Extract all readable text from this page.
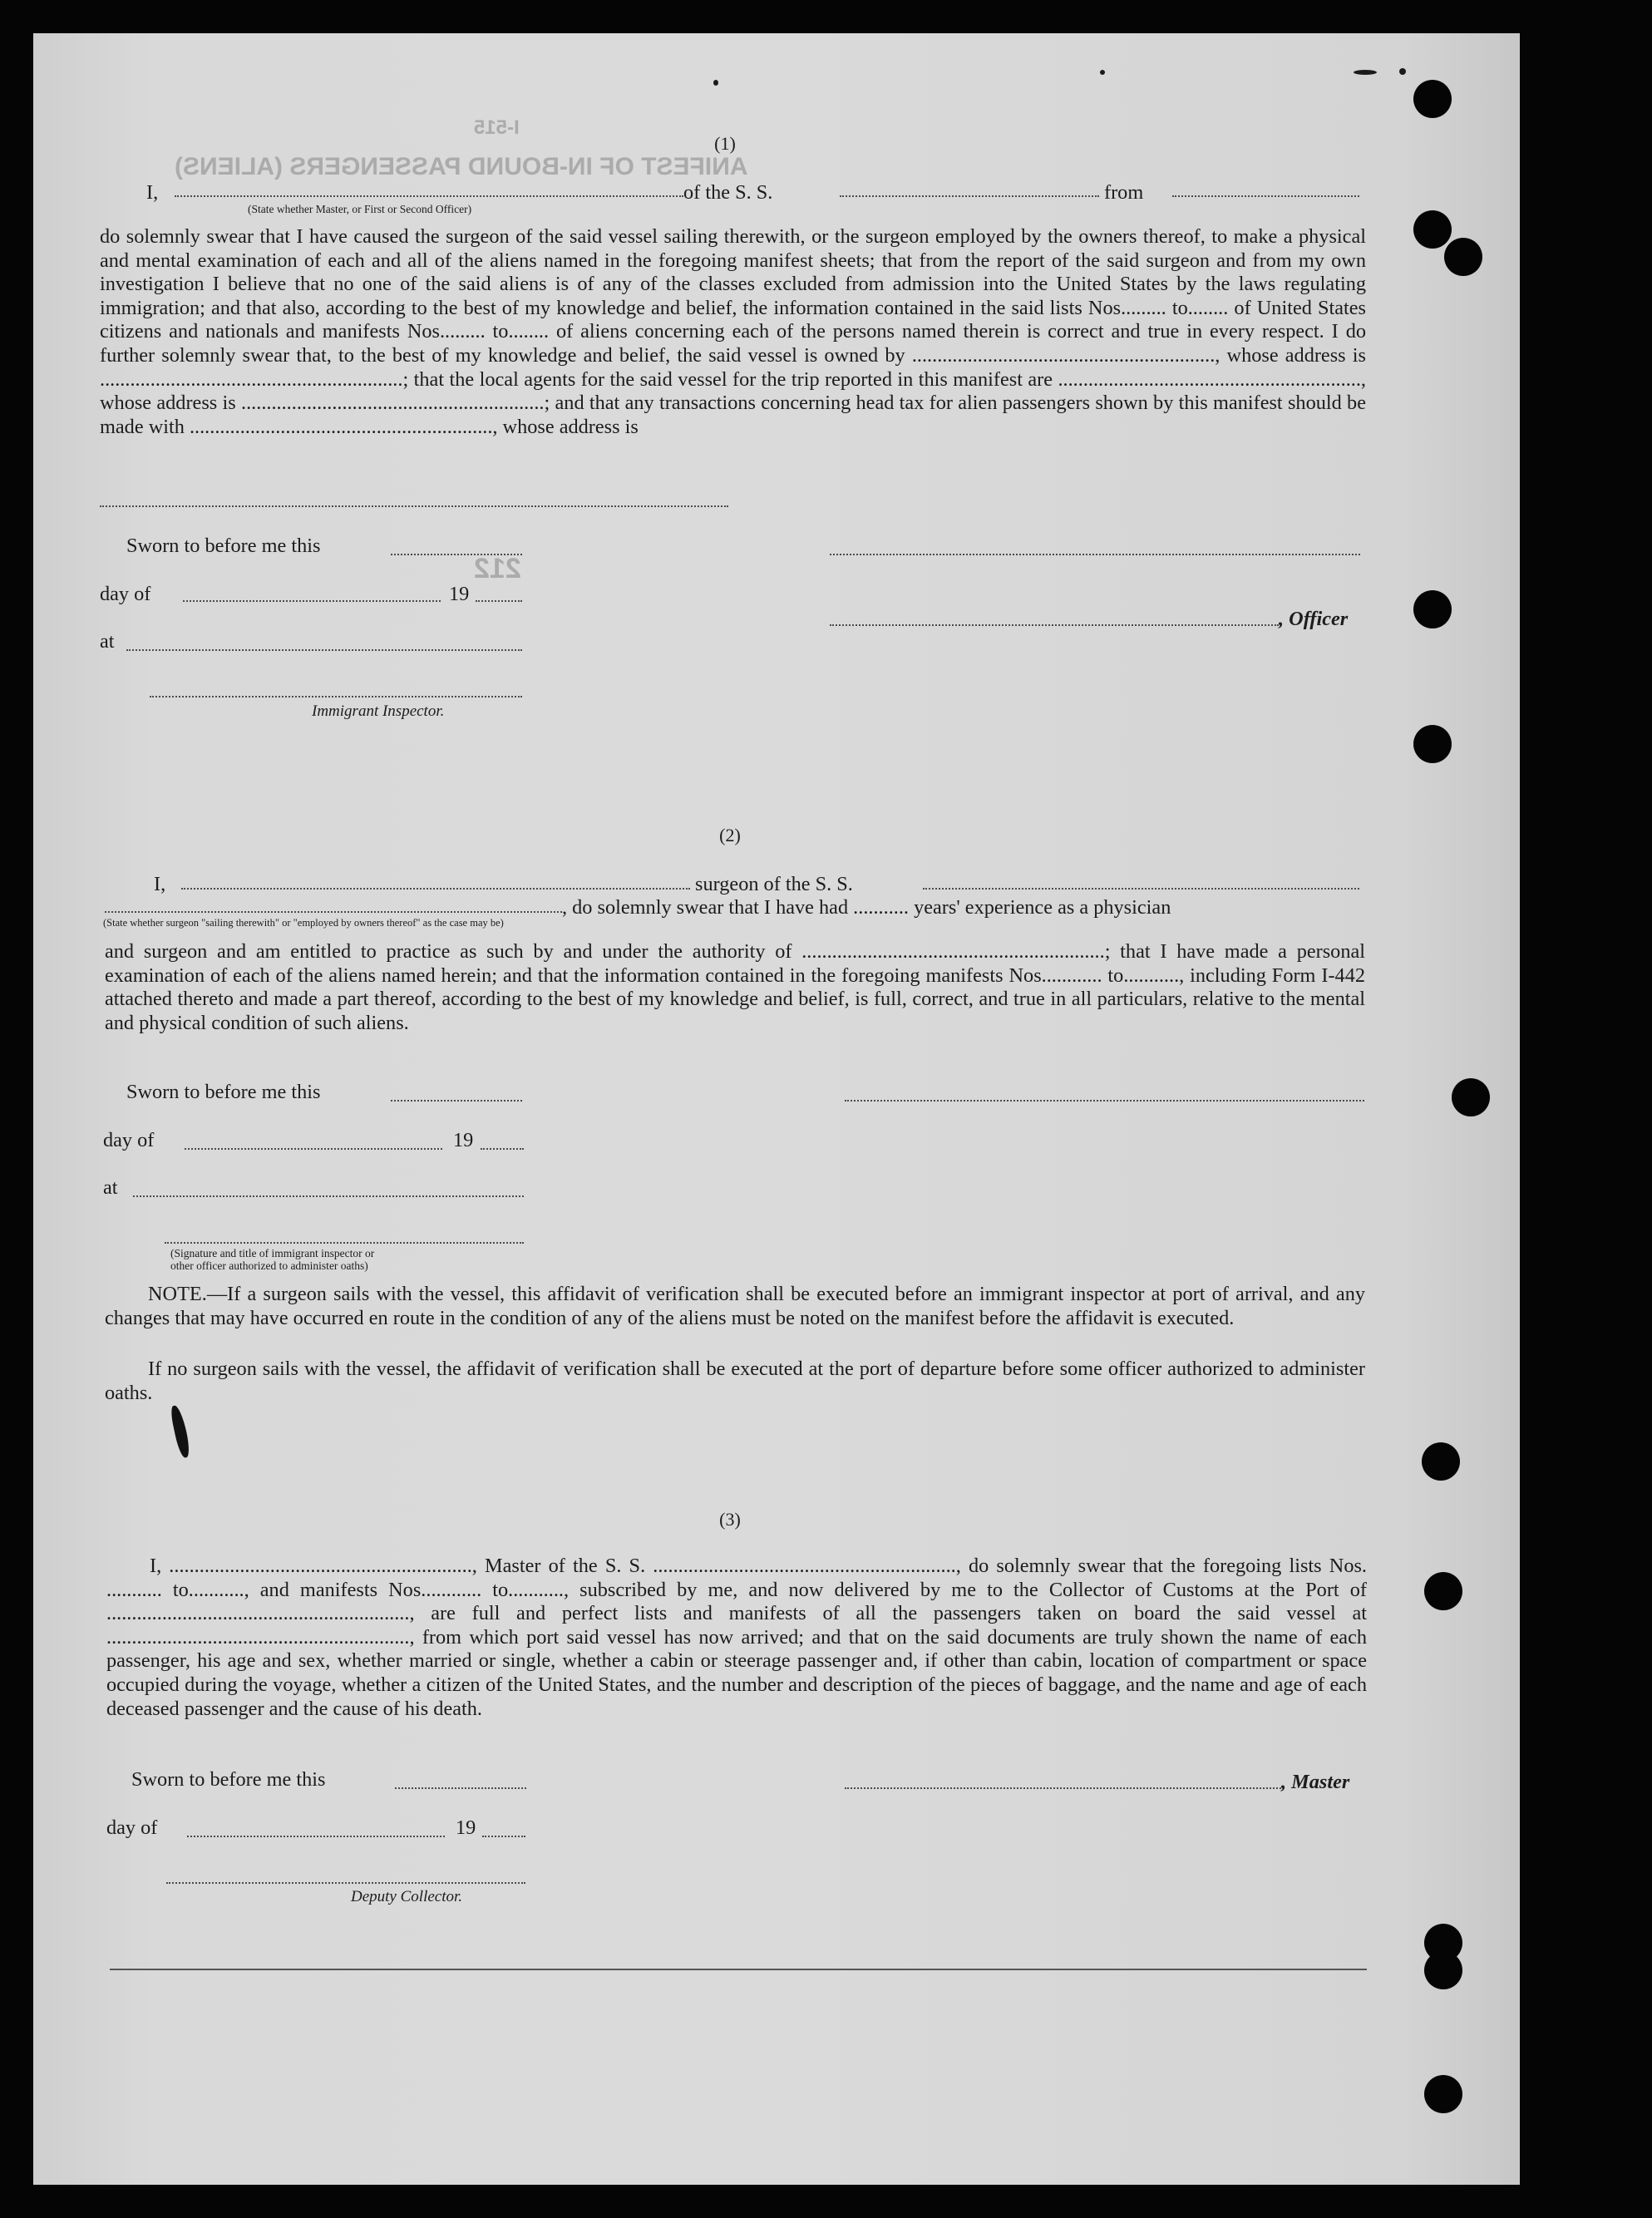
ANIFEST OF IN-BOUND PASSENGERS (ALIENS)
I-515
212
(1)
I,	of the S. S.	from
(State whether Master, or First or Second Officer)

do solemnly swear that I have caused the surgeon of the said vessel sailing therewith, or the surgeon employed by the owners thereof, to make a physical and mental examination of each and all of the aliens named in the foregoing manifest sheets; that from the report of the said surgeon and from my own investigation I believe that no one of the said aliens is of any of the classes excluded from admission into the United States by the laws regulating immigration; and that also, according to the best of my knowledge and belief, the information contained in the said lists Nos......... to........ of United States citizens and nationals and manifests Nos......... to........ of aliens concerning each of the persons named therein is correct and true in every respect. I do further solemnly swear that, to the best of my knowledge and belief, the said vessel is owned by ............................................................, whose address is ............................................................; that the local agents for the said vessel for the trip reported in this manifest are ............................................................, whose address is ............................................................; and that any transactions concerning head tax for alien passengers shown by this manifest should be made with ............................................................, whose address is

Sworn to before me this
day of	19
, Officer
at
Immigrant Inspector.
(2)
I,	surgeon of the S. S.
, do solemnly swear that I have had ........... years' experience as a physician
(State whether surgeon "sailing therewith" or "employed by owners thereof" as the case may be)

and surgeon and am entitled to practice as such by and under the authority of ............................................................; that I have made a personal examination of each of the aliens named herein; and that the information contained in the foregoing manifests Nos............ to..........., including Form I-442 attached thereto and made a part thereof, according to the best of my knowledge and belief, is full, correct, and true in all particulars, relative to the mental and physical condition of such aliens.

Sworn to before me this
day of	19
at
(Signature and title of immigrant inspector or
other officer authorized to administer oaths)

NOTE.—If a surgeon sails with the vessel, this affidavit of verification shall be executed before an immigrant inspector at port of arrival, and any changes that may have occurred en route in the condition of any of the aliens must be noted on the manifest before the affidavit is executed.

If no surgeon sails with the vessel, the affidavit of verification shall be executed at the port of departure before some officer authorized to administer oaths.

(3)

I, ............................................................, Master of the S. S. ............................................................, do solemnly swear that the foregoing lists Nos. ........... to..........., and manifests Nos............ to..........., subscribed by me, and now delivered by me to the Collector of Customs at the Port of ............................................................, are full and perfect lists and manifests of all the passengers taken on board the said vessel at ............................................................, from which port said vessel has now arrived; and that on the said documents are truly shown the name of each passenger, his age and sex, whether married or single, whether a cabin or steerage passenger and, if other than cabin, location of compartment or space occupied during the voyage, whether a citizen of the United States, and the number and description of the pieces of baggage, and the name and age of each deceased passenger and the cause of his death.

Sworn to before me this	, Master
day of	19
Deputy Collector.
